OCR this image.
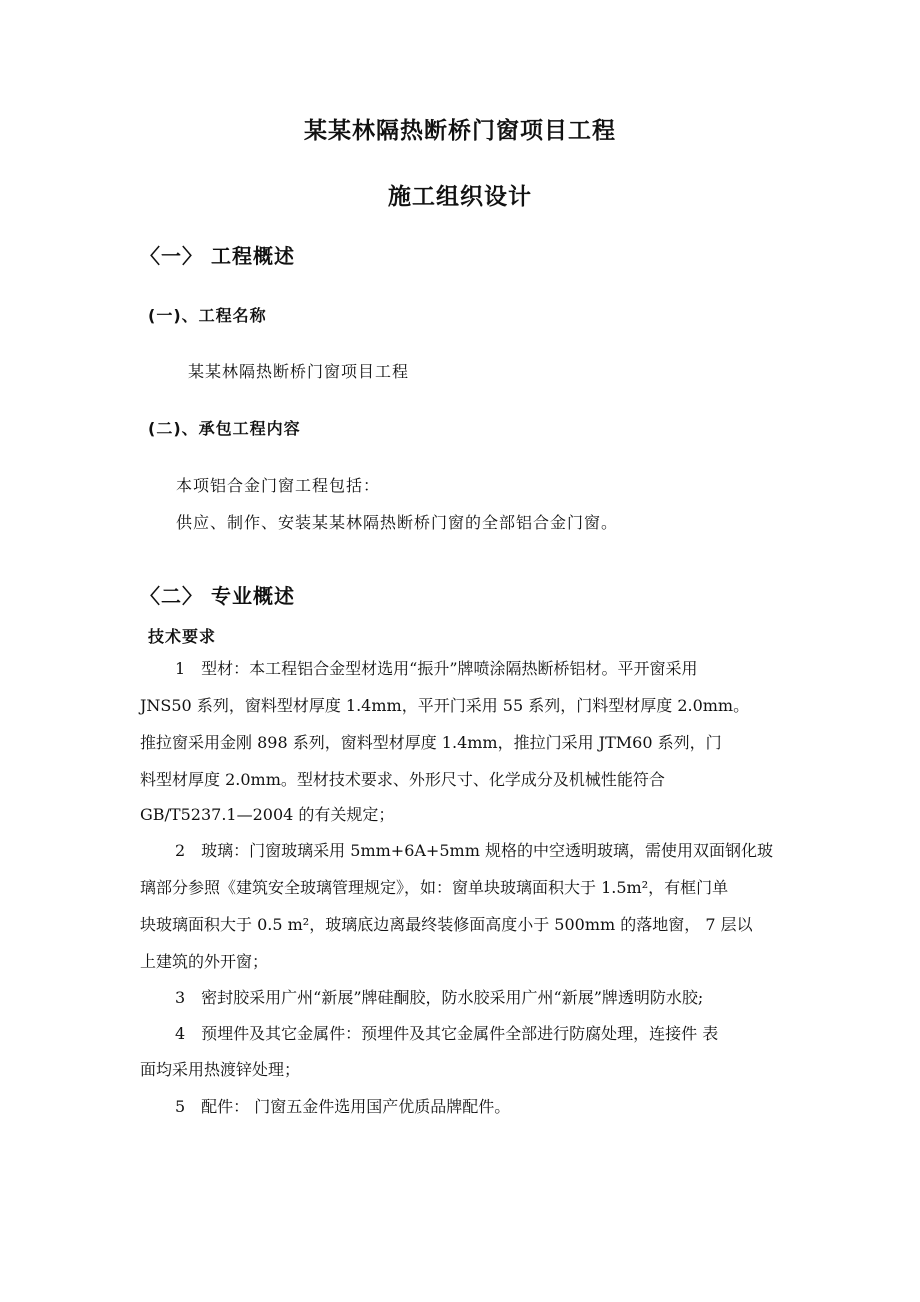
某某林隔热断桥门窗项目工程
施工组织设计
〈一〉 工程概述
(一)、工程名称
某某林隔热断桥门窗项目工程
(二)、承包工程内容
本项铝合金门窗工程包括：
供应、制作、安装某某林隔热断桥门窗的全部铝合金门窗。
〈二〉 专业概述
技术要求
1　型材：本工程铝合金型材选用“振升”牌喷涂隔热断桥铝材。平开窗采用
JNS50 系列，窗料型材厚度 1.4mm，平开门采用 55 系列，门料型材厚度 2.0mm。
推拉窗采用金刚 898 系列，窗料型材厚度 1.4mm，推拉门采用 JTM60 系列，门
料型材厚度 2.0mm。型材技术要求、外形尺寸、化学成分及机械性能符合
GB/T5237.1—2004 的有关规定；
2　玻璃：门窗玻璃采用 5mm+6A+5mm 规格的中空透明玻璃，需使用双面钢化玻
璃部分参照《建筑安全玻璃管理规定》，如：窗单块玻璃面积大于 1.5m²，有框门单
块玻璃面积大于 0.5 m²，玻璃底边离最终装修面高度小于 500mm 的落地窗， 7 层以
上建筑的外开窗；
3　密封胶采用广州“新展”牌硅酮胶，防水胶采用广州“新展”牌透明防水胶;
4　预埋件及其它金属件：预埋件及其它金属件全部进行防腐处理，连接件 表
面均采用热渡锌处理；
5　配件： 门窗五金件选用国产优质品牌配件。
